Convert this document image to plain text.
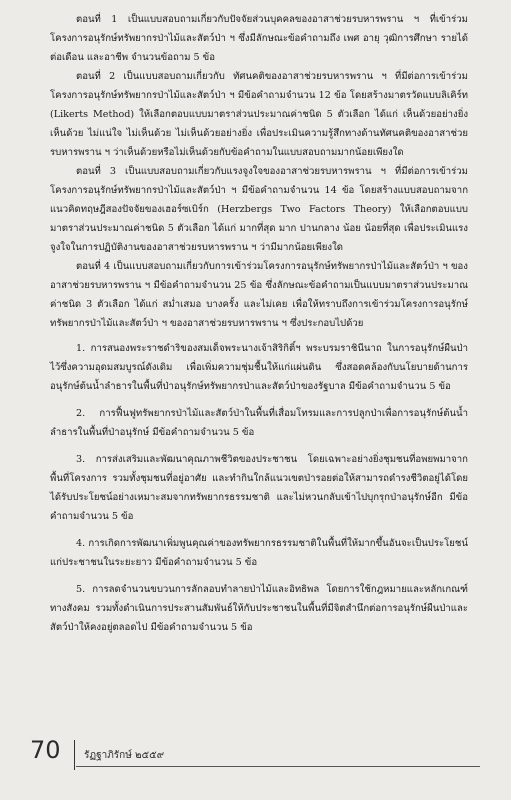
ตอนที่ 1 เป็นแบบสอบถามเกี่ยวกับปัจจัยส่วนบุคคลของอาสาช่วยรบหารพราน ฯ ที่เข้าร่วมโครงการอนุรักษ์ทรัพยากรป่าไม้และสัตว์ป่า ฯ ซึ่งมีลักษณะข้อคำถามถึง เพศ อายุ วุฒิการศึกษา รายได้ต่อเดือน และอาชีพ จำนวนข้อถาม 5 ข้อ

ตอนที่ 2 เป็นแบบสอบถามเกี่ยวกับ ทัศนคติของอาสาช่วยรบหารพราน ฯ ที่มีต่อการเข้าร่วมโครงการอนุรักษ์ทรัพยากรป่าไม้และสัตว์ป่า ฯ มีข้อคำถามจำนวน 12 ข้อ โดยสร้างมาตรวัดแบบลิเคิร์ท (Likerts Method) ให้เลือกตอบแบบมาตราส่วนประมาณค่าชนิด 5 ตัวเลือก ได้แก่ เห็นด้วยอย่างยิ่ง เห็นด้วย ไม่แน่ใจ ไม่เห็นด้วย ไม่เห็นด้วยอย่างยิ่ง เพื่อประเมินความรู้สึกทางด้านทัศนคติของอาสาช่วยรบหารพราน ฯ ว่าเห็นด้วยหรือไม่เห็นด้วยกับข้อคำถามในแบบสอบถามมากน้อยเพียงใด

ตอนที่ 3 เป็นแบบสอบถามเกี่ยวกับแรงจูงใจของอาสาช่วยรบหารพราน ฯ ที่มีต่อการเข้าร่วมโครงการอนุรักษ์ทรัพยากรป่าไม้และสัตว์ป่า ฯ มีข้อคำถามจำนวน 14 ข้อ โดยสร้างแบบสอบถามจากแนวคิดทฤษฎีสองปัจจัยของเฮอร์ซเบิร์ก (Herzbergs Two Factors Theory) ให้เลือกตอบแบบมาตราส่วนประมาณค่าชนิด 5 ตัวเลือก ได้แก่ มากที่สุด มาก ปานกลาง น้อย น้อยที่สุด เพื่อประเมินแรงจูงใจในการปฏิบัติงานของอาสาช่วยรบหารพราน ฯ ว่ามีมากน้อยเพียงใด

ตอนที่ 4 เป็นแบบสอบถามเกี่ยวกับการเข้าร่วมโครงการอนุรักษ์ทรัพยากรป่าไม้และสัตว์ป่า ฯ ของอาสาช่วยรบหารพราน ฯ มีข้อคำถามจำนวน 25 ข้อ ซึ่งลักษณะข้อคำถามเป็นแบบมาตราส่วนประมาณค่าชนิด 3 ตัวเลือก ได้แก่ สม่ำเสมอ บางครั้ง และไม่เคย เพื่อให้ทราบถึงการเข้าร่วมโครงการอนุรักษ์ทรัพยากรป่าไม้และสัตว์ป่า ฯ ของอาสาช่วยรบหารพราน ฯ ซึ่งประกอบไปด้วย

1. การสนองพระราชดำริของสมเด็จพระนางเจ้าสิริกิติ์ฯ พระบรมราชินีนาถ ในการอนุรักษ์ผืนป่าไว้ซึ่งความอุดมสมบูรณ์ดังเดิม เพื่อเพิ่มความชุ่มชื้นให้แก่แผ่นดิน ซึ่งสอดคล้องกับนโยบายด้านการอนุรักษ์ต้นน้ำลำธารในพื้นที่ป่าอนุรักษ์ทรัพยากรป่าและสัตว์ป่าของรัฐบาล มีข้อคำถามจำนวน 5 ข้อ

2. การฟื้นฟูทรัพยากรป่าไม้และสัตว์ป่าในพื้นที่เสื่อมโทรมและการปลูกป่าเพื่อการอนุรักษ์ต้นน้ำลำธารในพื้นที่ป่าอนุรักษ์ มีข้อคำถามจำนวน 5 ข้อ

3. การส่งเสริมและพัฒนาคุณภาพชีวิตของประชาชน โดยเฉพาะอย่างยิ่งชุมชนที่อพยพมาจากพื้นที่โครงการ รวมทั้งชุมชนที่อยู่อาศัย และทำกินใกล้แนวเขตป่ารอยต่อให้สามารถดำรงชีวิตอยู่ได้โดยได้รับประโยชน์อย่างเหมาะสมจากทรัพยากรธรรมชาติ และไม่หวนกลับเข้าไปบุกรุกป่าอนุรักษ์อีก มีข้อคำถามจำนวน 5 ข้อ

4. การเกิดการพัฒนาเพิ่มพูนคุณค่าของทรัพยากรธรรมชาติในพื้นที่ให้มากขึ้นอันจะเป็นประโยชน์แก่ประชาชนในระยะยาว มีข้อคำถามจำนวน 5 ข้อ

5. การลดจำนวนขบวนการลักลอบทำลายป่าไม้และอิทธิพล โดยการใช้กฎหมายและหลักเกณฑ์ทางสังคม รวมทั้งดำเนินการประสานสัมพันธ์ให้กับประชาชนในพื้นที่มีจิตสำนึกต่อการอนุรักษ์ผืนป่าและสัตว์ป่าให้คงอยู่ตลอดไป มีข้อคำถามจำนวน 5 ข้อ

70 รัฏฐาภิรักษ์ ๒๕๕๙
